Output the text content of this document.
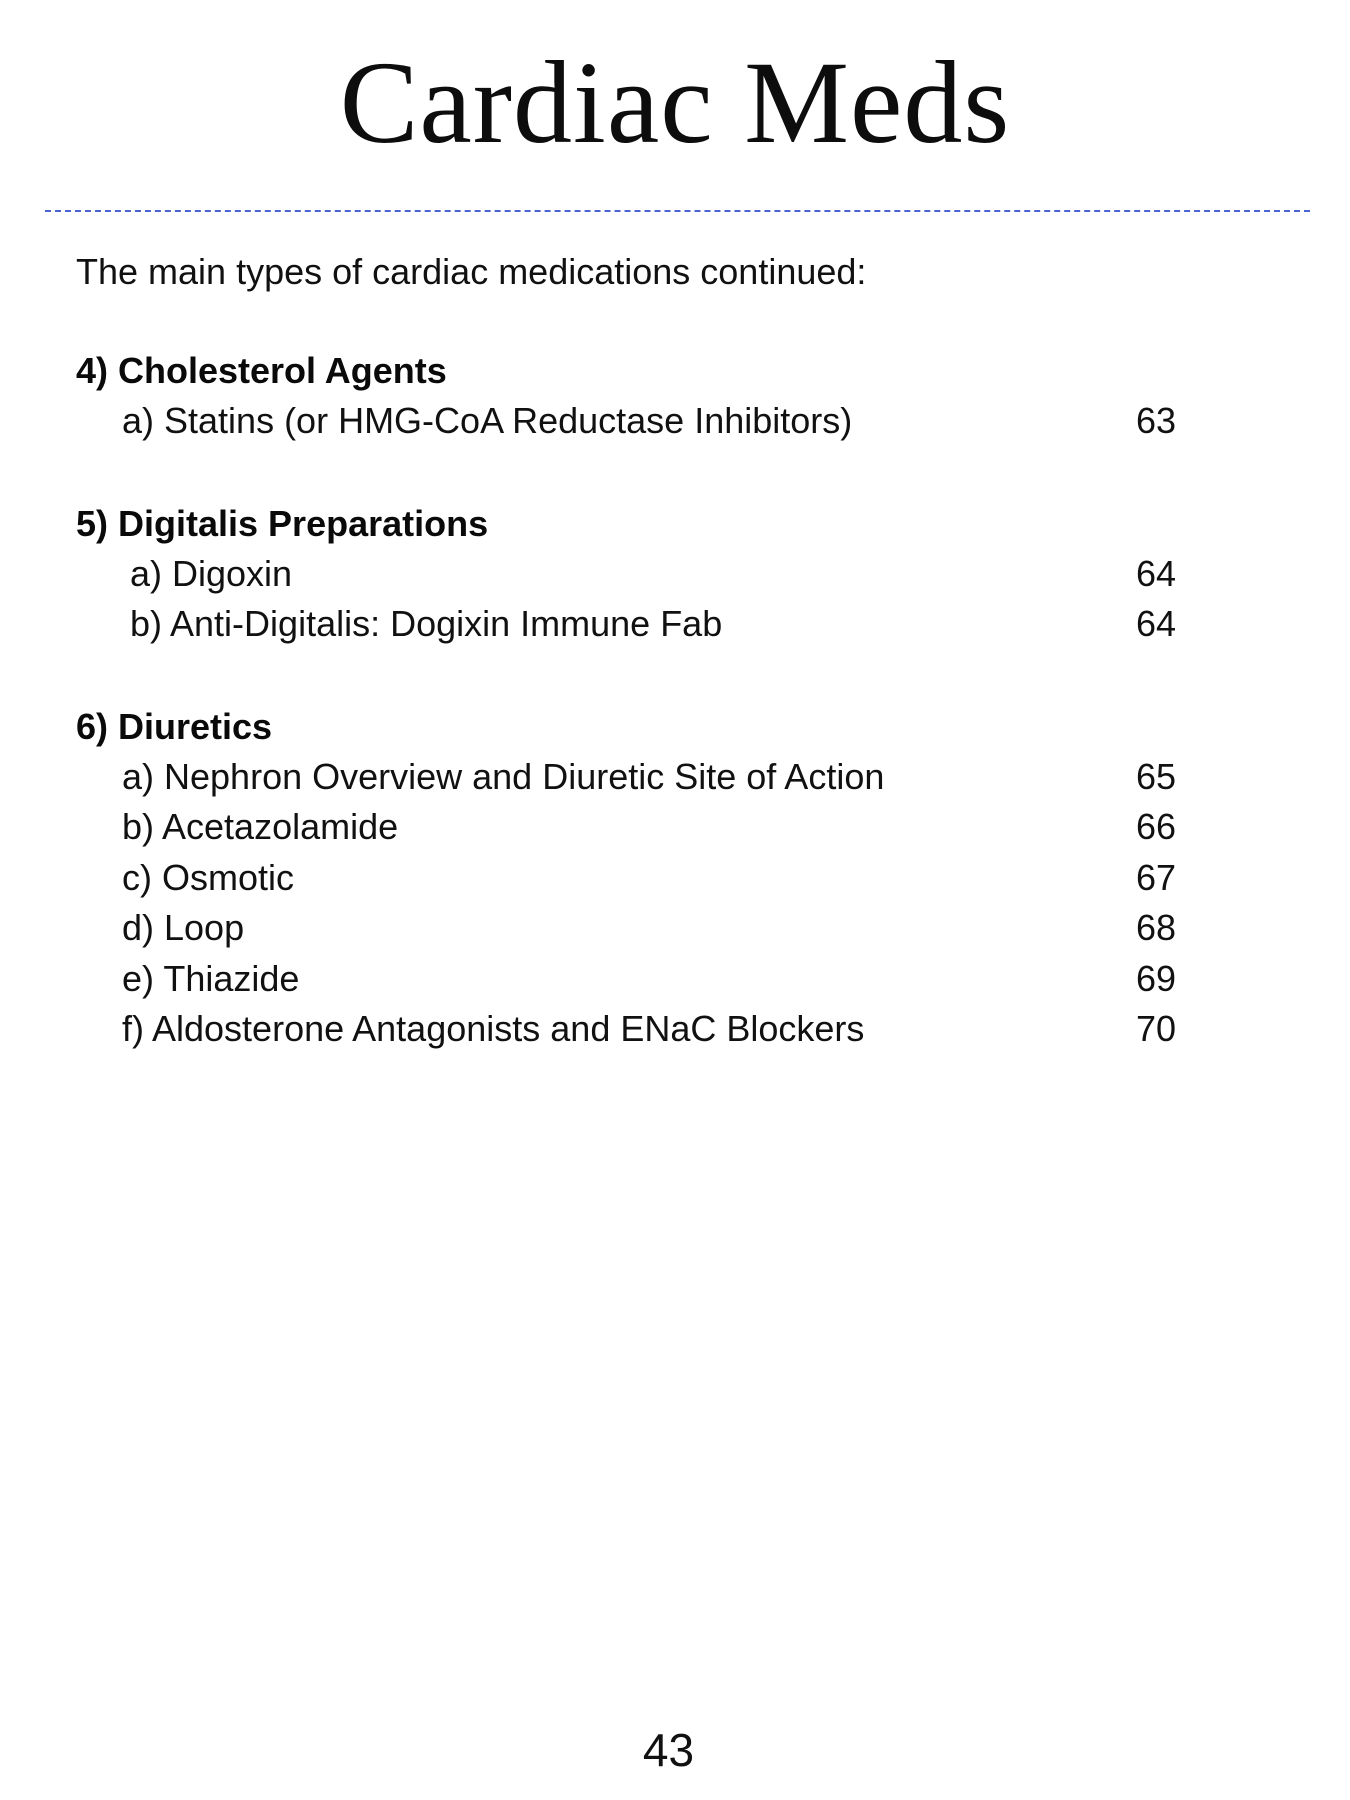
Cardiac Meds
The main types of cardiac medications continued:
4) Cholesterol Agents
a) Statins (or HMG-CoA Reductase Inhibitors)	63
5) Digitalis Preparations
a) Digoxin	64
b) Anti-Digitalis: Dogixin Immune Fab	64
6) Diuretics
a) Nephron Overview and Diuretic Site of Action	65
b) Acetazolamide	66
c) Osmotic	67
d) Loop	68
e) Thiazide	69
f) Aldosterone Antagonists and ENaC Blockers	70
43
